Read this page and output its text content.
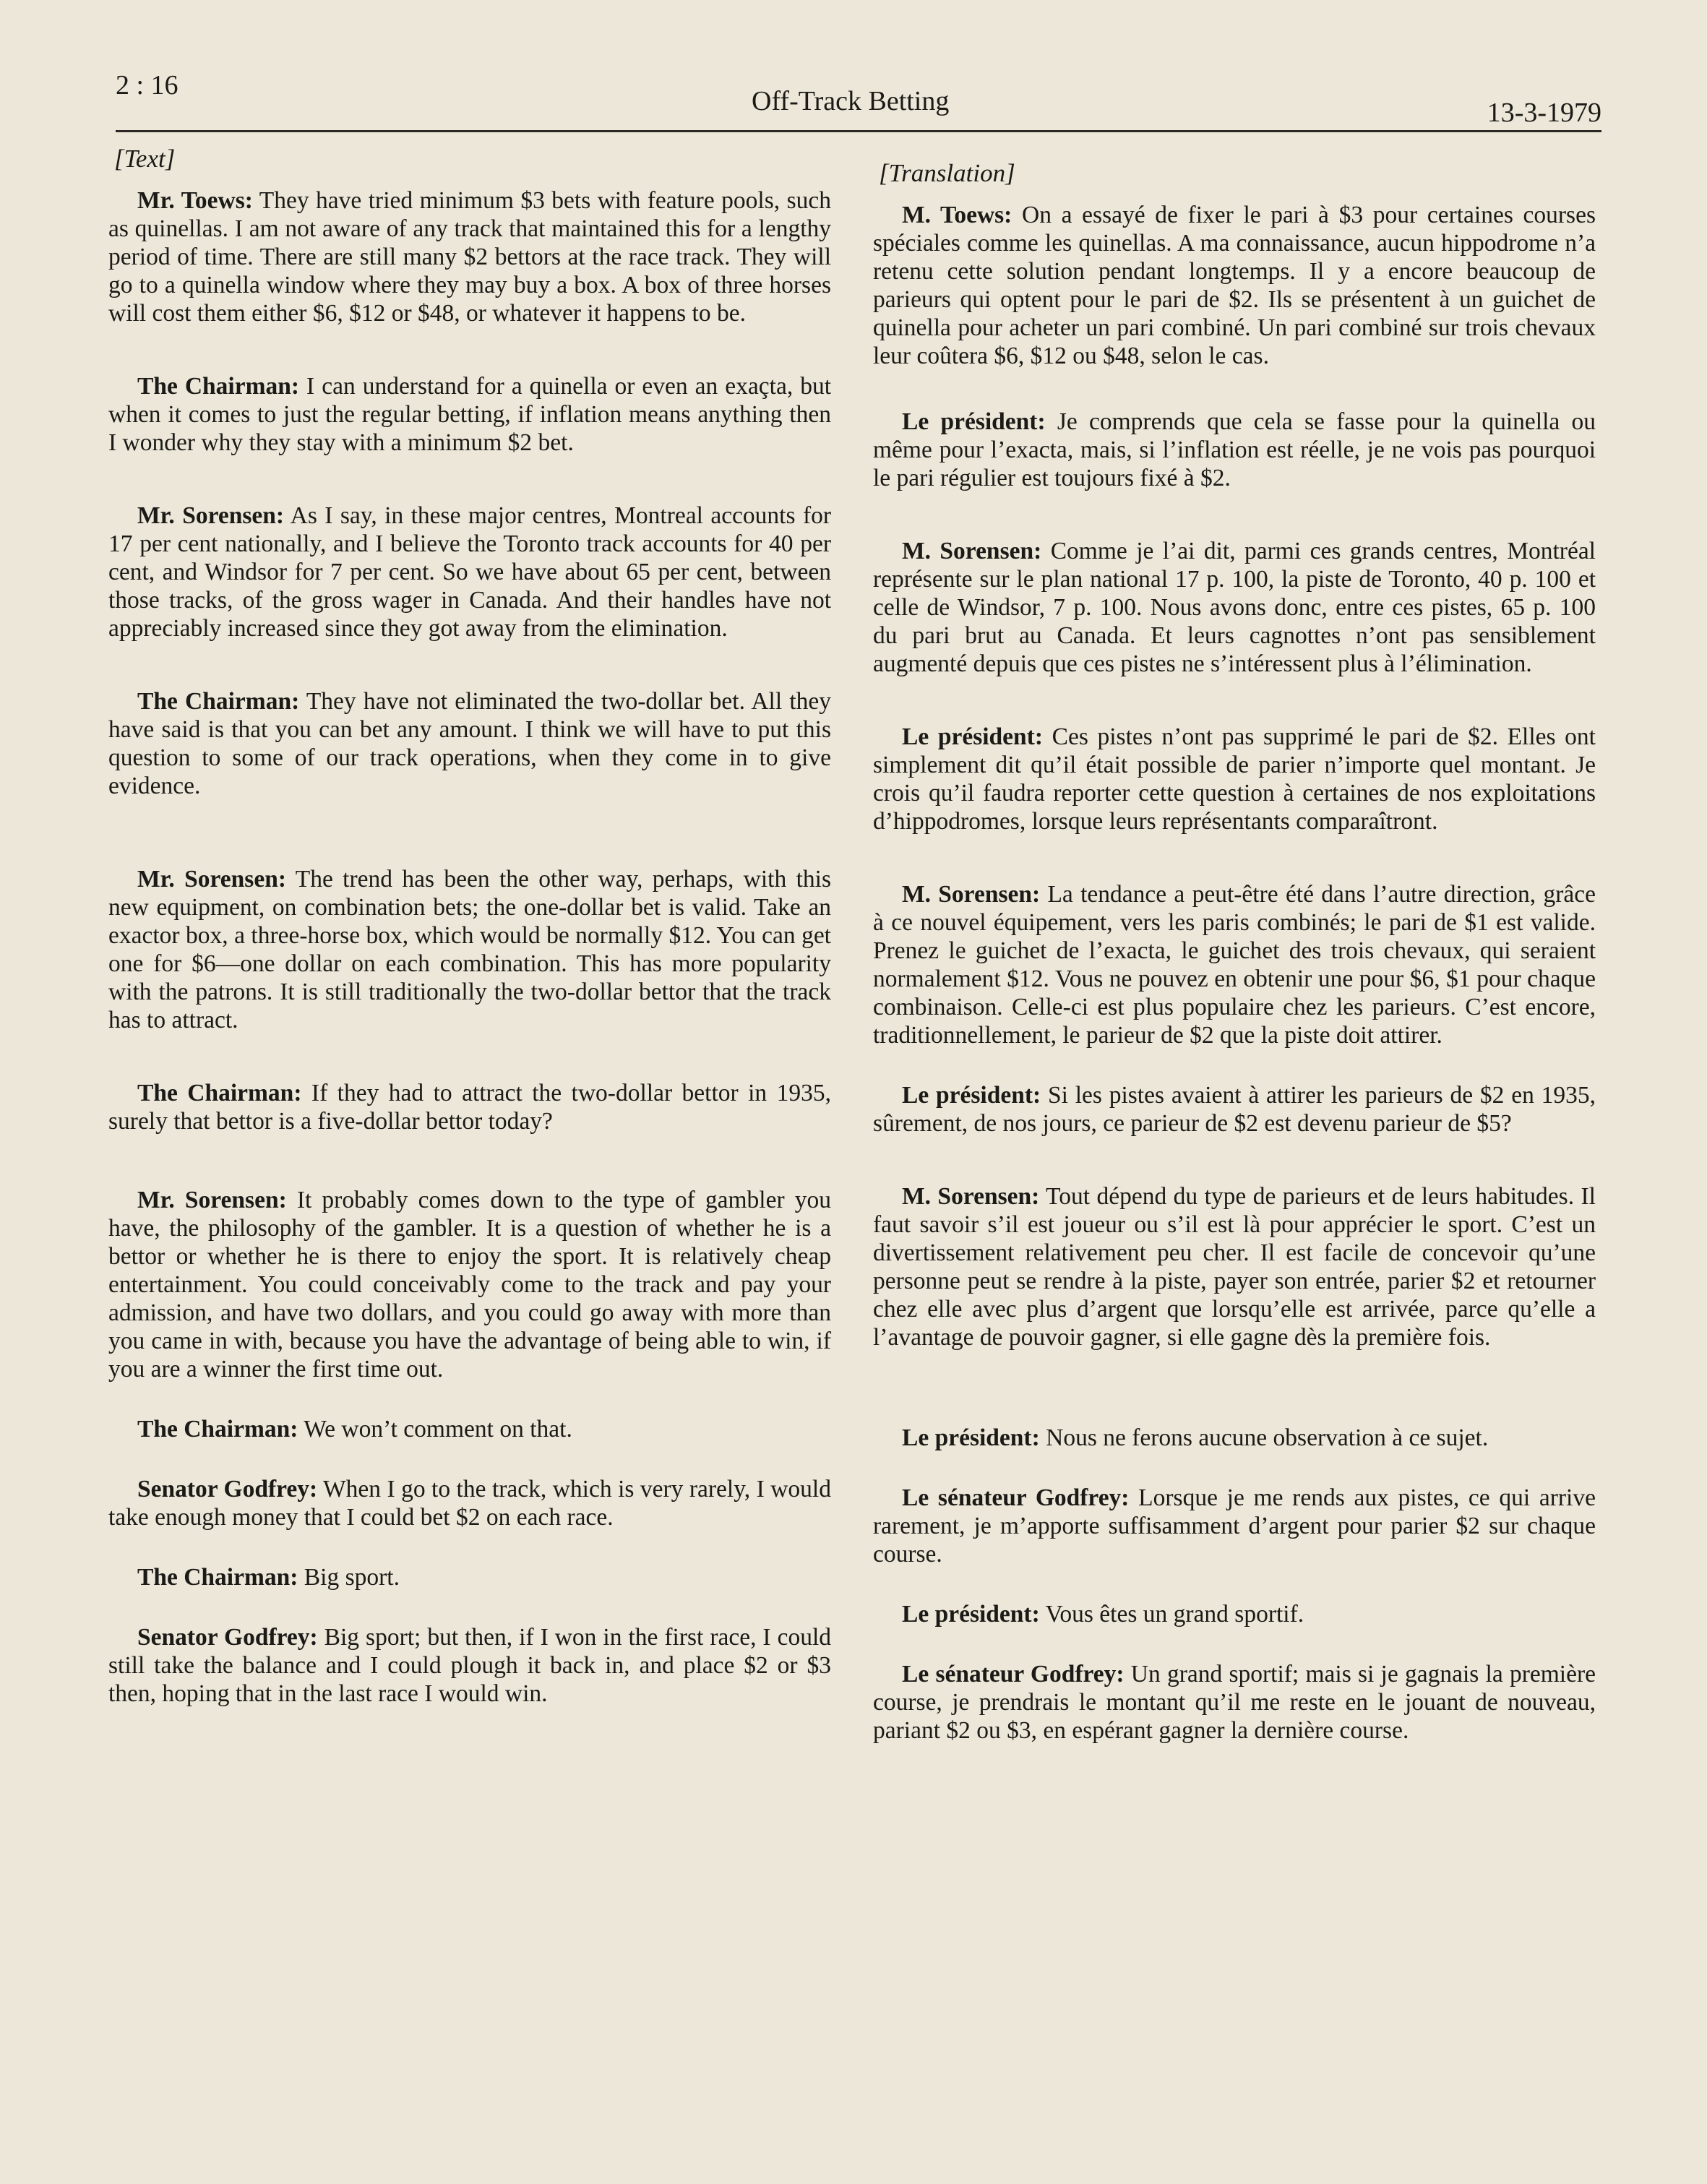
2 : 16
Off-Track Betting	13-3-1979
[Text]

Mr. Toews: They have tried minimum $3 bets with feature pools, such as quinellas. I am not aware of any track that maintained this for a lengthy period of time. There are still many $2 bettors at the race track. They will go to a quinella window where they may buy a box. A box of three horses will cost them either $6, $12 or $48, or whatever it happens to be.

The Chairman: I can understand for a quinella or even an exaçta, but when it comes to just the regular betting, if inflation means anything then I wonder why they stay with a minimum $2 bet.

Mr. Sorensen: As I say, in these major centres, Montreal accounts for 17 per cent nationally, and I believe the Toronto track accounts for 40 per cent, and Windsor for 7 per cent. So we have about 65 per cent, between those tracks, of the gross wager in Canada. And their handles have not appreciably increased since they got away from the elimination.

The Chairman: They have not eliminated the two-dollar bet. All they have said is that you can bet any amount. I think we will have to put this question to some of our track operations, when they come in to give evidence.

Mr. Sorensen: The trend has been the other way, perhaps, with this new equipment, on combination bets; the one-dollar bet is valid. Take an exactor box, a three-horse box, which would be normally $12. You can get one for $6—one dollar on each combination. This has more popularity with the patrons. It is still traditionally the two-dollar bettor that the track has to attract.

The Chairman: If they had to attract the two-dollar bettor in 1935, surely that bettor is a five-dollar bettor today?

Mr. Sorensen: It probably comes down to the type of gambler you have, the philosophy of the gambler. It is a question of whether he is a bettor or whether he is there to enjoy the sport. It is relatively cheap entertainment. You could conceivably come to the track and pay your admission, and have two dollars, and you could go away with more than you came in with, because you have the advantage of being able to win, if you are a winner the first time out.

The Chairman: We won’t comment on that.

Senator Godfrey: When I go to the track, which is very rarely, I would take enough money that I could bet $2 on each race.

The Chairman: Big sport.

Senator Godfrey: Big sport; but then, if I won in the first race, I could still take the balance and I could plough it back in, and place $2 or $3 then, hoping that in the last race I would win.

[Translation]

M. Toews: On a essayé de fixer le pari à $3 pour certaines courses spéciales comme les quinellas. A ma connaissance, aucun hippodrome n’a retenu cette solution pendant longtemps. Il y a encore beaucoup de parieurs qui optent pour le pari de $2. Ils se présentent à un guichet de quinella pour acheter un pari combiné. Un pari combiné sur trois chevaux leur coûtera $6, $12 ou $48, selon le cas.

Le président: Je comprends que cela se fasse pour la quinella ou même pour l’exacta, mais, si l’inflation est réelle, je ne vois pas pourquoi le pari régulier est toujours fixé à $2.

M. Sorensen: Comme je l’ai dit, parmi ces grands centres, Montréal représente sur le plan national 17 p. 100, la piste de Toronto, 40 p. 100 et celle de Windsor, 7 p. 100. Nous avons donc, entre ces pistes, 65 p. 100 du pari brut au Canada. Et leurs cagnottes n’ont pas sensiblement augmenté depuis que ces pistes ne s’intéressent plus à l’élimination.

Le président: Ces pistes n’ont pas supprimé le pari de $2. Elles ont simplement dit qu’il était possible de parier n’importe quel montant. Je crois qu’il faudra reporter cette question à certaines de nos exploitations d’hippodromes, lorsque leurs représentants comparaîtront.

M. Sorensen: La tendance a peut-être été dans l’autre direction, grâce à ce nouvel équipement, vers les paris combinés; le pari de $1 est valide. Prenez le guichet de l’exacta, le guichet des trois chevaux, qui seraient normalement $12. Vous ne pouvez en obtenir une pour $6, $1 pour chaque combinaison. Celle-ci est plus populaire chez les parieurs. C’est encore, traditionnellement, le parieur de $2 que la piste doit attirer.

Le président: Si les pistes avaient à attirer les parieurs de $2 en 1935, sûrement, de nos jours, ce parieur de $2 est devenu parieur de $5?

M. Sorensen: Tout dépend du type de parieurs et de leurs habitudes. Il faut savoir s’il est joueur ou s’il est là pour apprécier le sport. C’est un divertissement relativement peu cher. Il est facile de concevoir qu’une personne peut se rendre à la piste, payer son entrée, parier $2 et retourner chez elle avec plus d’argent que lorsqu’elle est arrivée, parce qu’elle a l’avantage de pouvoir gagner, si elle gagne dès la première fois.

Le président: Nous ne ferons aucune observation à ce sujet.

Le sénateur Godfrey: Lorsque je me rends aux pistes, ce qui arrive rarement, je m’apporte suffisamment d’argent pour parier $2 sur chaque course.

Le président: Vous êtes un grand sportif.

Le sénateur Godfrey: Un grand sportif; mais si je gagnais la première course, je prendrais le montant qu’il me reste en le jouant de nouveau, pariant $2 ou $3, en espérant gagner la dernière course.
